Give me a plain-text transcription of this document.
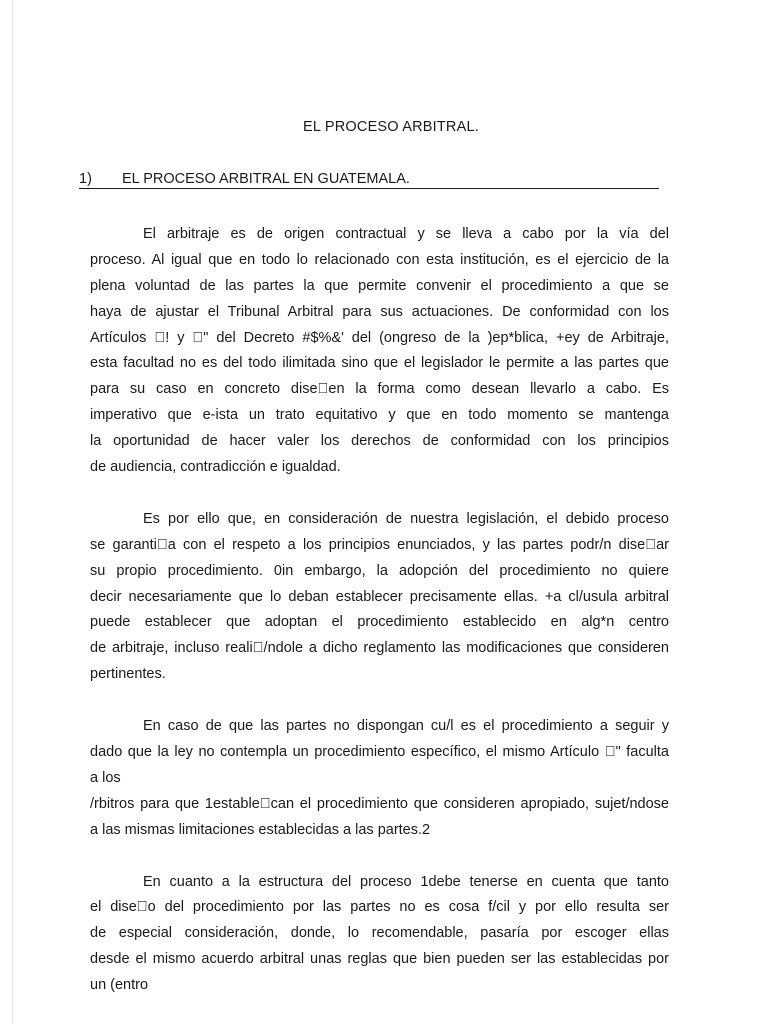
EL PROCESO ARBITRAL.
1) EL PROCESO ARBITRAL EN GUATEMALA.
El arbitraje es de origen contractual y se lleva a cabo por la vía del
proceso. Al igual que en todo lo relacionado con esta institución, es el ejercicio de la
plena voluntad de las partes la que permite convenir el procedimiento a que se
haya de ajustar el Tribunal Arbitral para sus actuaciones. De conformidad con los
Artículos  ! y  " del Decreto #$%&' del (ongreso de la )ep*blica, +ey de Arbitraje,
esta facultad no es del todo ilimitada sino que el legislador le permite a las partes que
para su caso en concreto dise en la forma como desean llevarlo a cabo. Es
imperativo que e-ista un trato equitativo y que en todo momento se mantenga
la oportunidad de hacer valer los derechos de conformidad con los principios
de audiencia, contradicción e igualdad.
Es por ello que, en consideración de nuestra legislación, el debido proceso
se garanti a con el respeto a los principios enunciados, y las partes podr/n dise ar
su propio procedimiento. 0in embargo, la adopción del procedimiento no quiere
decir necesariamente que lo deban establecer precisamente ellas. +a cl/usula arbitral
puede establecer que adoptan el procedimiento establecido en alg*n centro
de arbitraje, incluso reali /ndole a dicho reglamento las modificaciones que consideren
pertinentes.
En caso de que las partes no dispongan cu/l es el procedimiento a seguir y
dado que la ley no contempla un procedimiento específico, el mismo Artículo  " faculta
a los
/rbitros para que 1estable can el procedimiento que consideren apropiado, sujet/ndose
a las mismas limitaciones establecidas a las partes.2
En cuanto a la estructura del proceso 1debe tenerse en cuenta que tanto
el dise o del procedimiento por las partes no es cosa f/cil y por ello resulta ser
de especial consideración, donde, lo recomendable, pasaría por escoger ellas
desde el mismo acuerdo arbitral unas reglas que bien pueden ser las establecidas por
un (entro
